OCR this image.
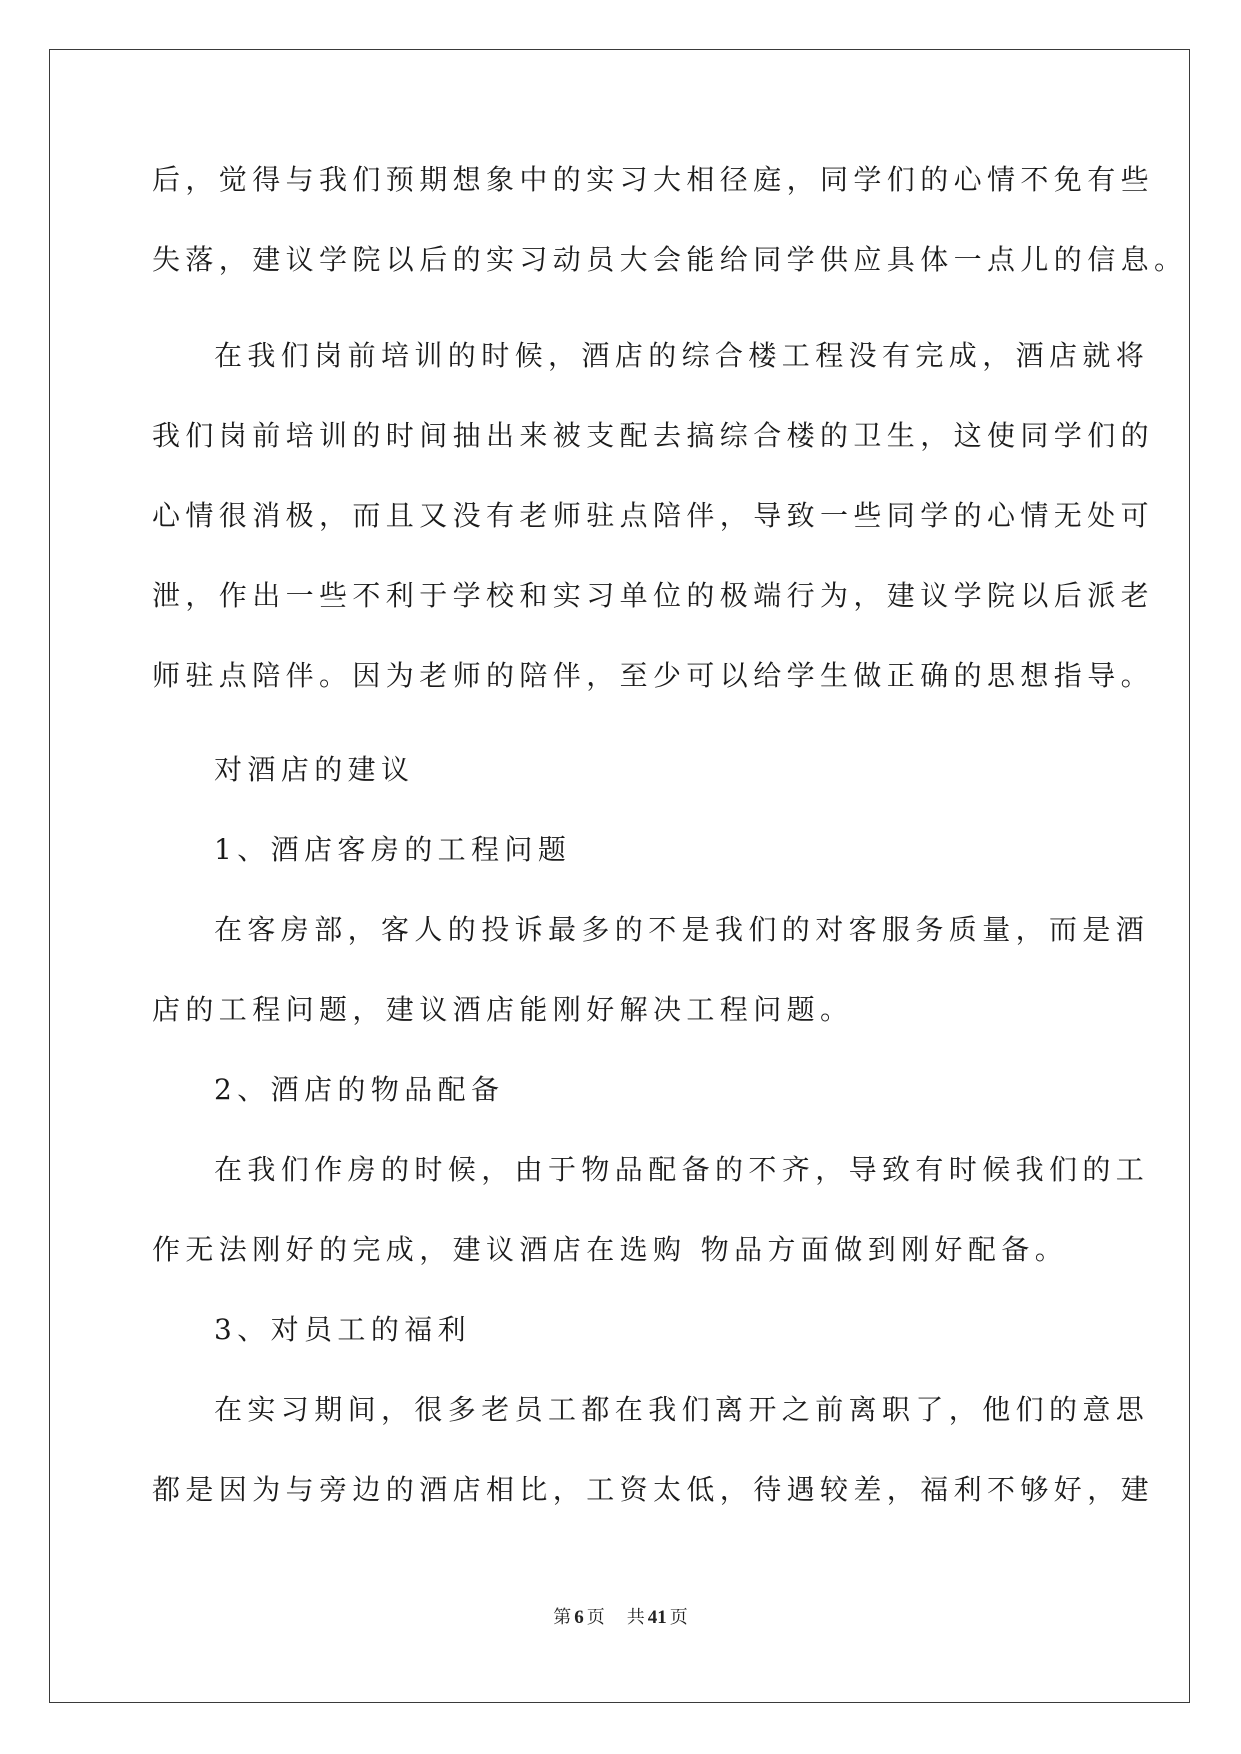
后，觉得与我们预期想象中的实习大相径庭，同学们的心情不免有些
失落，建议学院以后的实习动员大会能给同学供应具体一点儿的信息。
在我们岗前培训的时候，酒店的综合楼工程没有完成，酒店就将
我们岗前培训的时间抽出来被支配去搞综合楼的卫生，这使同学们的
心情很消极，而且又没有老师驻点陪伴，导致一些同学的心情无处可
泄，作出一些不利于学校和实习单位的极端行为，建议学院以后派老
师驻点陪伴。因为老师的陪伴，至少可以给学生做正确的思想指导。
对酒店的建议
1、酒店客房的工程问题
在客房部，客人的投诉最多的不是我们的对客服务质量，而是酒
店的工程问题，建议酒店能刚好解决工程问题。
2、酒店的物品配备
在我们作房的时候，由于物品配备的不齐，导致有时候我们的工
作无法刚好的完成，建议酒店在选购 物品方面做到刚好配备。
3、对员工的福利
在实习期间，很多老员工都在我们离开之前离职了，他们的意思
都是因为与旁边的酒店相比，工资太低，待遇较差，福利不够好，建
第 6 页 共 41 页
